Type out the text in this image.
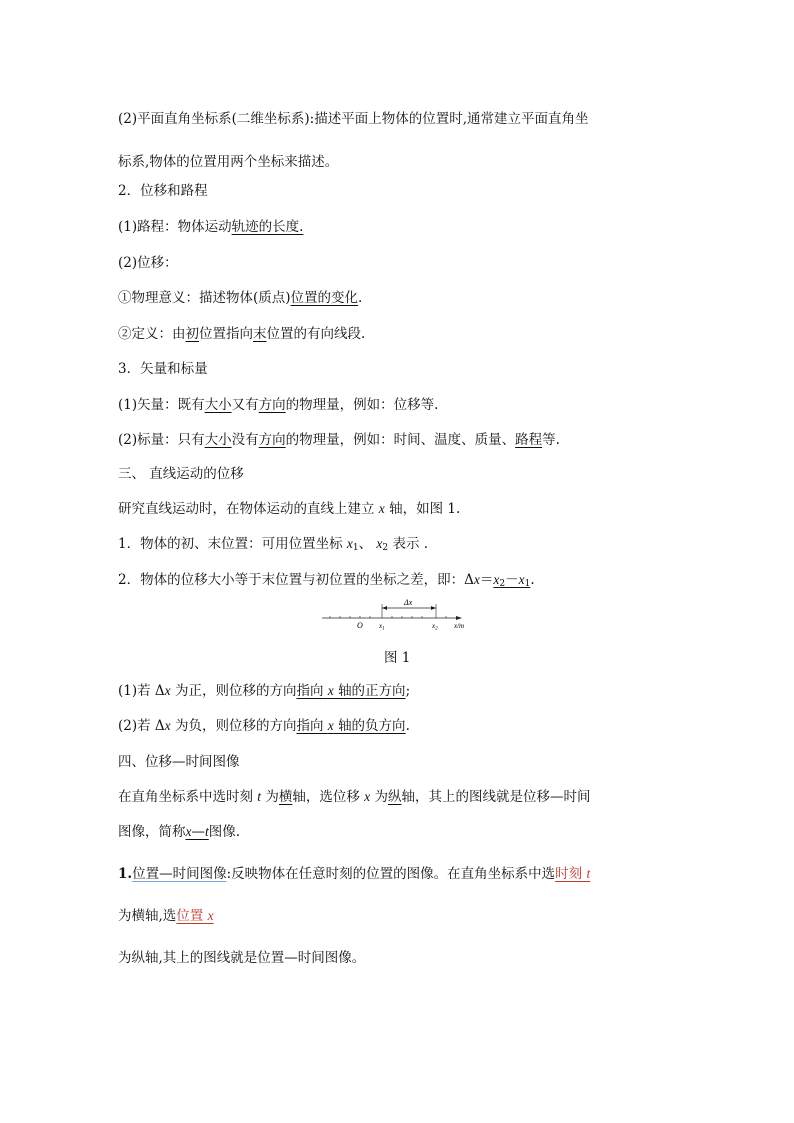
(2)平面直角坐标系(二维坐标系):描述平面上物体的位置时,通常建立平面直角坐
标系,物体的位置用两个坐标来描述。
2．位移和路程
(1)路程：物体运动轨迹的长度.
(2)位移：
①物理意义：描述物体(质点)位置的变化.
②定义：由初位置指向末位置的有向线段.
3．矢量和标量
(1)矢量：既有大小又有方向的物理量，例如：位移等.
(2)标量：只有大小没有方向的物理量，例如：时间、温度、质量、路程等.
三、 直线运动的位移
研究直线运动时，在物体运动的直线上建立 x 轴，如图 1.
1．物体的初、末位置：可用位置坐标 $x_1$、 $x_2$ 表示 .
2．物体的位移大小等于末位置与初位置的坐标之差，即：$\Delta x=x_2-x_1$.
Δx
O $x_1$	$x_2$ x/m
图 1
(1)若 Δx 为正，则位移的方向指向 x 轴的正方向;
(2)若 Δx 为负，则位移的方向指向 x 轴的负方向.
四、位移—时间图像
在直角坐标系中选时刻 t 为横轴，选位移 x 为纵轴，其上的图线就是位移—时间
图像，简称x—t图像.
1.位置—时间图像:反映物体在任意时刻的位置的图像。在直角坐标系中选时刻 t
为横轴,选位置 x
为纵轴,其上的图线就是位置—时间图像。
